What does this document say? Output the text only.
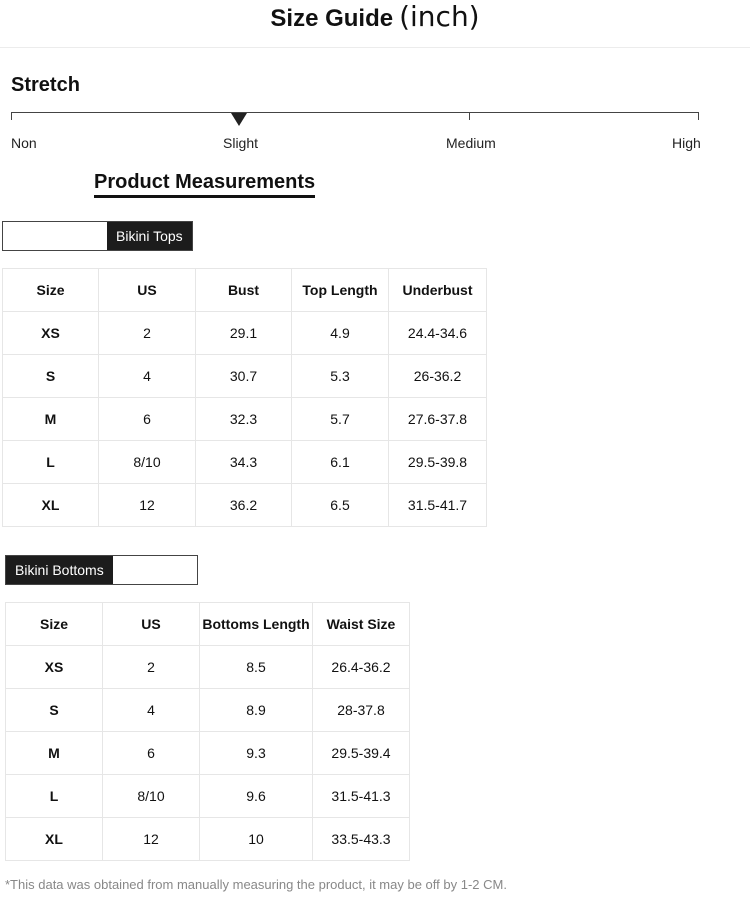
Size Guide (inch)
Stretch
Non	Slight	Medium	High
Product Measurements
Bikini Tops
Size	US	Bust	Top Length	Underbust
XS	2	29.1	4.9	24.4-34.6
S	4	30.7	5.3	26-36.2
M	6	32.3	5.7	27.6-37.8
L	8/10	34.3	6.1	29.5-39.8
XL	12	36.2	6.5	31.5-41.7
Bikini Bottoms
Size	US	Bottoms Length	Waist Size
XS	2	8.5	26.4-36.2
S	4	8.9	28-37.8
M	6	9.3	29.5-39.4
L	8/10	9.6	31.5-41.3
XL	12	10	33.5-43.3
*This data was obtained from manually measuring the product, it may be off by 1-2 CM.
